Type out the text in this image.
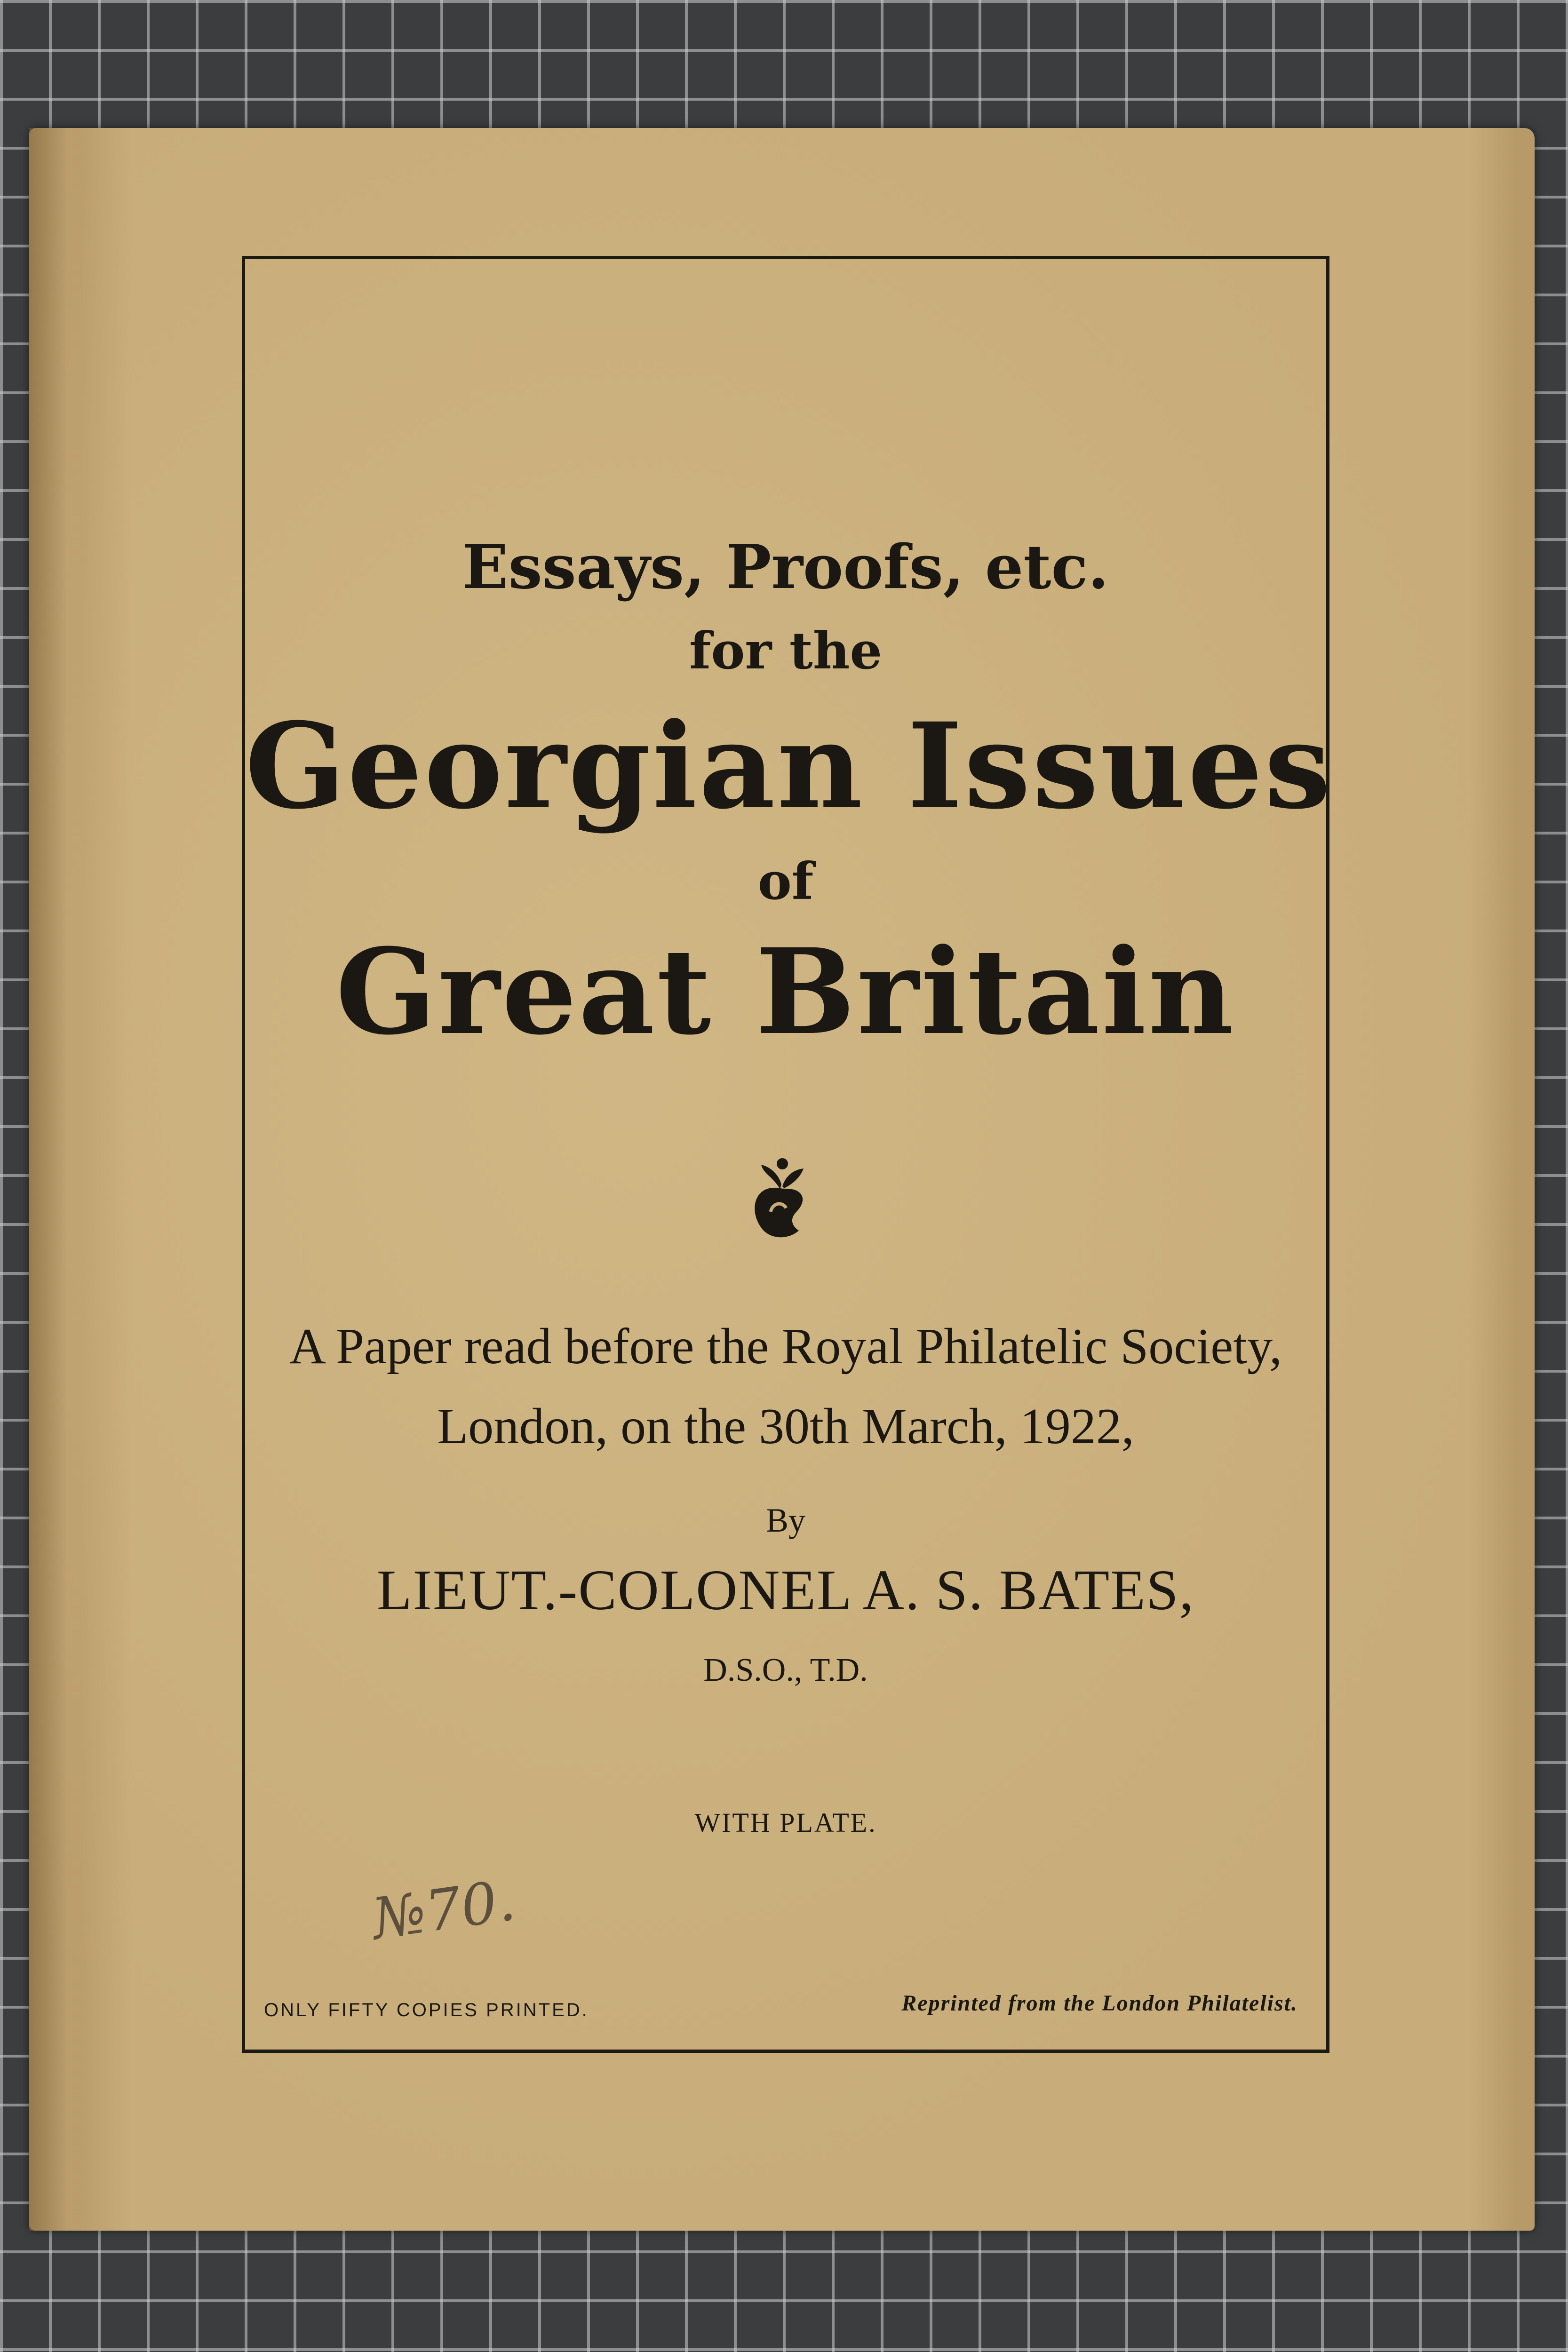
Essays, Proofs, etc.
for the
Georgian Issues
of
Great Britain
A Paper read before the Royal Philatelic Society,
London, on the 30th March, 1922,
By
LIEUT.-COLONEL A. S. BATES,
D.S.O., T.D.
WITH PLATE.
№70.
ONLY FIFTY COPIES PRINTED.	Reprinted from the London Philatelist.
